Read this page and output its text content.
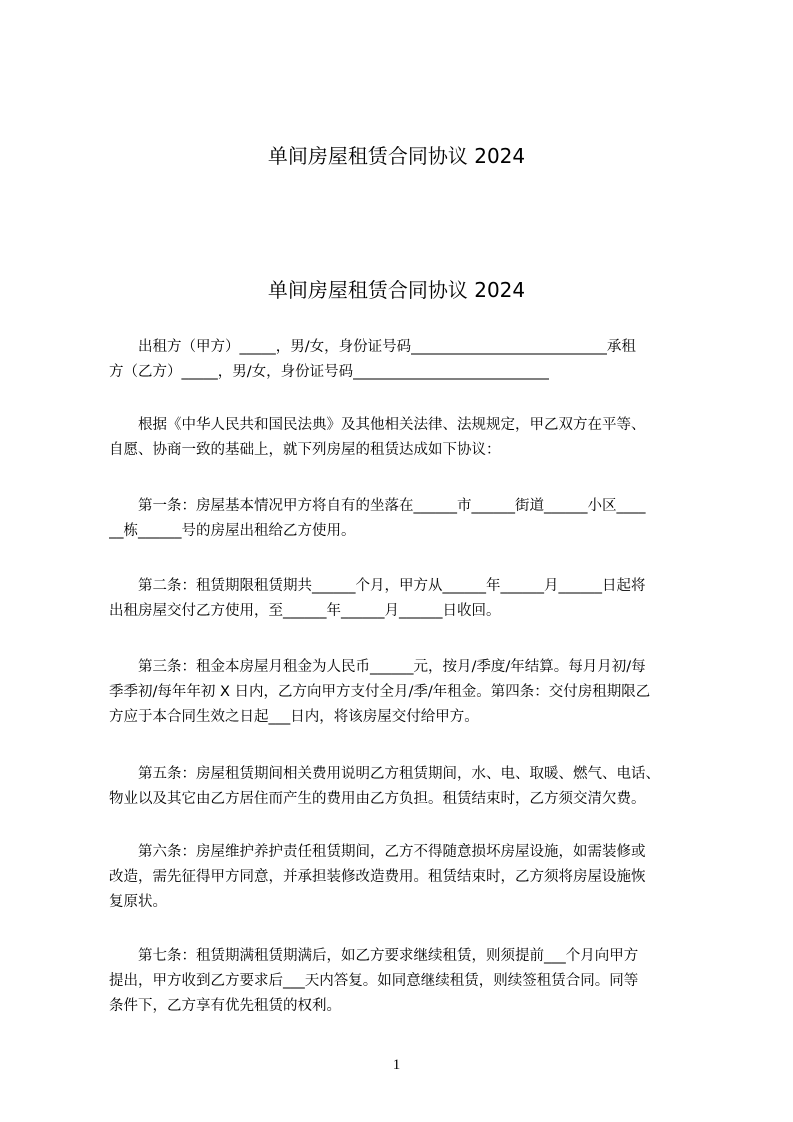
单间房屋租赁合同协议 2024
单间房屋租赁合同协议 2024
　　出租方（甲方）_____，男/女，身份证号码___________________________承租
方（乙方）_____，男/女，身份证号码___________________________
　　根据《中华人民共和国民法典》及其他相关法律、法规规定，甲乙双方在平等、
自愿、协商一致的基础上，就下列房屋的租赁达成如下协议：
　　第一条：房屋基本情况甲方将自有的坐落在______市______街道______小区____
__栋______号的房屋出租给乙方使用。
　　第二条：租赁期限租赁期共______个月，甲方从______年______月______日起将
出租房屋交付乙方使用，至______年______月______日收回。
　　第三条：租金本房屋月租金为人民币______元，按月/季度/年结算。每月月初/每
季季初/每年年初 X 日内，乙方向甲方支付全月/季/年租金。第四条：交付房租期限乙
方应于本合同生效之日起___日内，将该房屋交付给甲方。
　　第五条：房屋租赁期间相关费用说明乙方租赁期间，水、电、取暖、燃气、电话、
物业以及其它由乙方居住而产生的费用由乙方负担。租赁结束时，乙方须交清欠费。
　　第六条：房屋维护养护责任租赁期间，乙方不得随意损坏房屋设施，如需装修或
改造，需先征得甲方同意，并承担装修改造费用。租赁结束时，乙方须将房屋设施恢
复原状。
　　第七条：租赁期满租赁期满后，如乙方要求继续租赁，则须提前___个月向甲方
提出，甲方收到乙方要求后___天内答复。如同意继续租赁，则续签租赁合同。同等
条件下，乙方享有优先租赁的权利。
1
